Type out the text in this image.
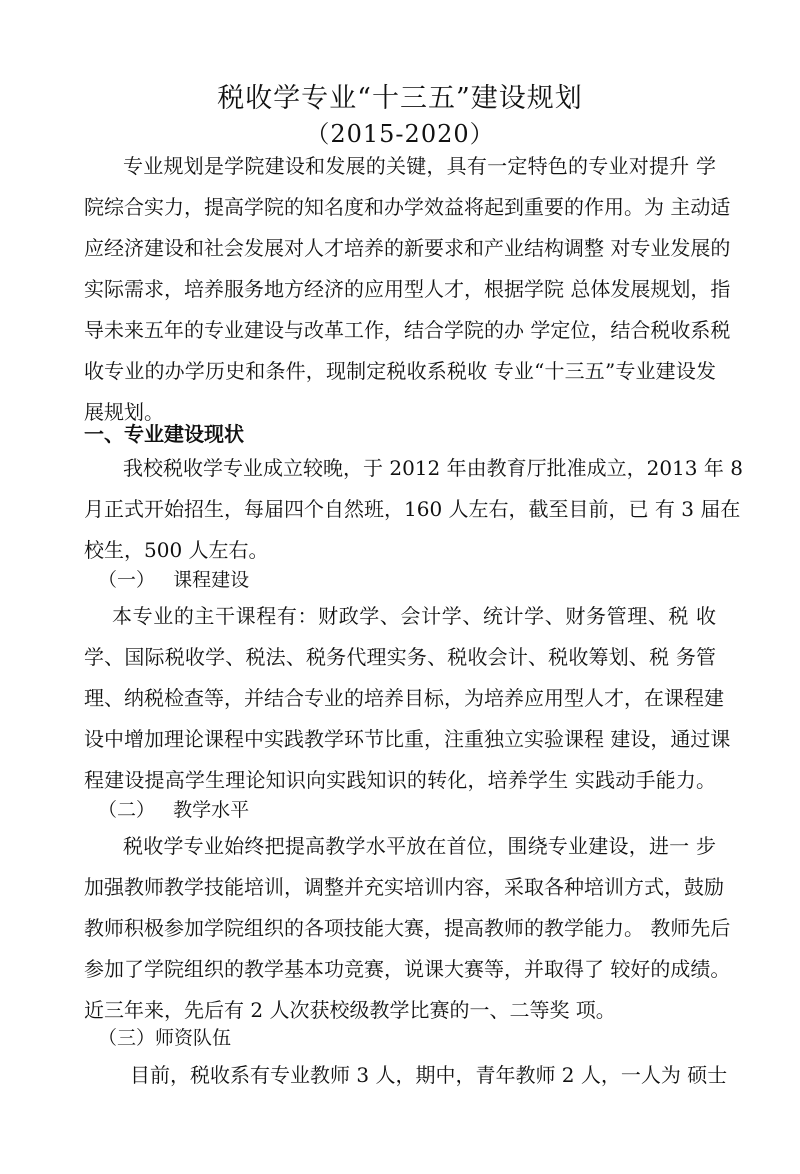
税收学专业“十三五”建设规划
（2015-2020）
专业规划是学院建设和发展的关键，具有一定特色的专业对提升 学
院综合实力，提高学院的知名度和办学效益将起到重要的作用。为 主动适
应经济建设和社会发展对人才培养的新要求和产业结构调整 对专业发展的
实际需求，培养服务地方经济的应用型人才，根据学院 总体发展规划，指
导未来五年的专业建设与改革工作，结合学院的办 学定位，结合税收系税
收专业的办学历史和条件，现制定税收系税收 专业“十三五”专业建设发
展规划。
一、专业建设现状
我校税收学专业成立较晚，于 2012 年由教育厅批准成立，2013 年 8
月正式开始招生，每届四个自然班，160 人左右，截至目前，已 有 3 届在
校生，500 人左右。
（一）   课程建设
本专业的主干课程有：财政学、会计学、统计学、财务管理、税 收
学、国际税收学、税法、税务代理实务、税收会计、税收筹划、税 务管
理、纳税检查等，并结合专业的培养目标，为培养应用型人才，在课程建
设中增加理论课程中实践教学环节比重，注重独立实验课程 建设，通过课
程建设提高学生理论知识向实践知识的转化，培养学生 实践动手能力。
（二）   教学水平
税收学专业始终把提高教学水平放在首位，围绕专业建设，进一 步
加强教师教学技能培训，调整并充实培训内容，采取各种培训方式，鼓励
教师积极参加学院组织的各项技能大赛，提高教师的教学能力。 教师先后
参加了学院组织的教学基本功竞赛，说课大赛等，并取得了 较好的成绩。
近三年来，先后有 2 人次获校级教学比赛的一、二等奖 项。
（三）师资队伍
目前，税收系有专业教师 3 人，期中，青年教师 2 人，一人为 硕士
